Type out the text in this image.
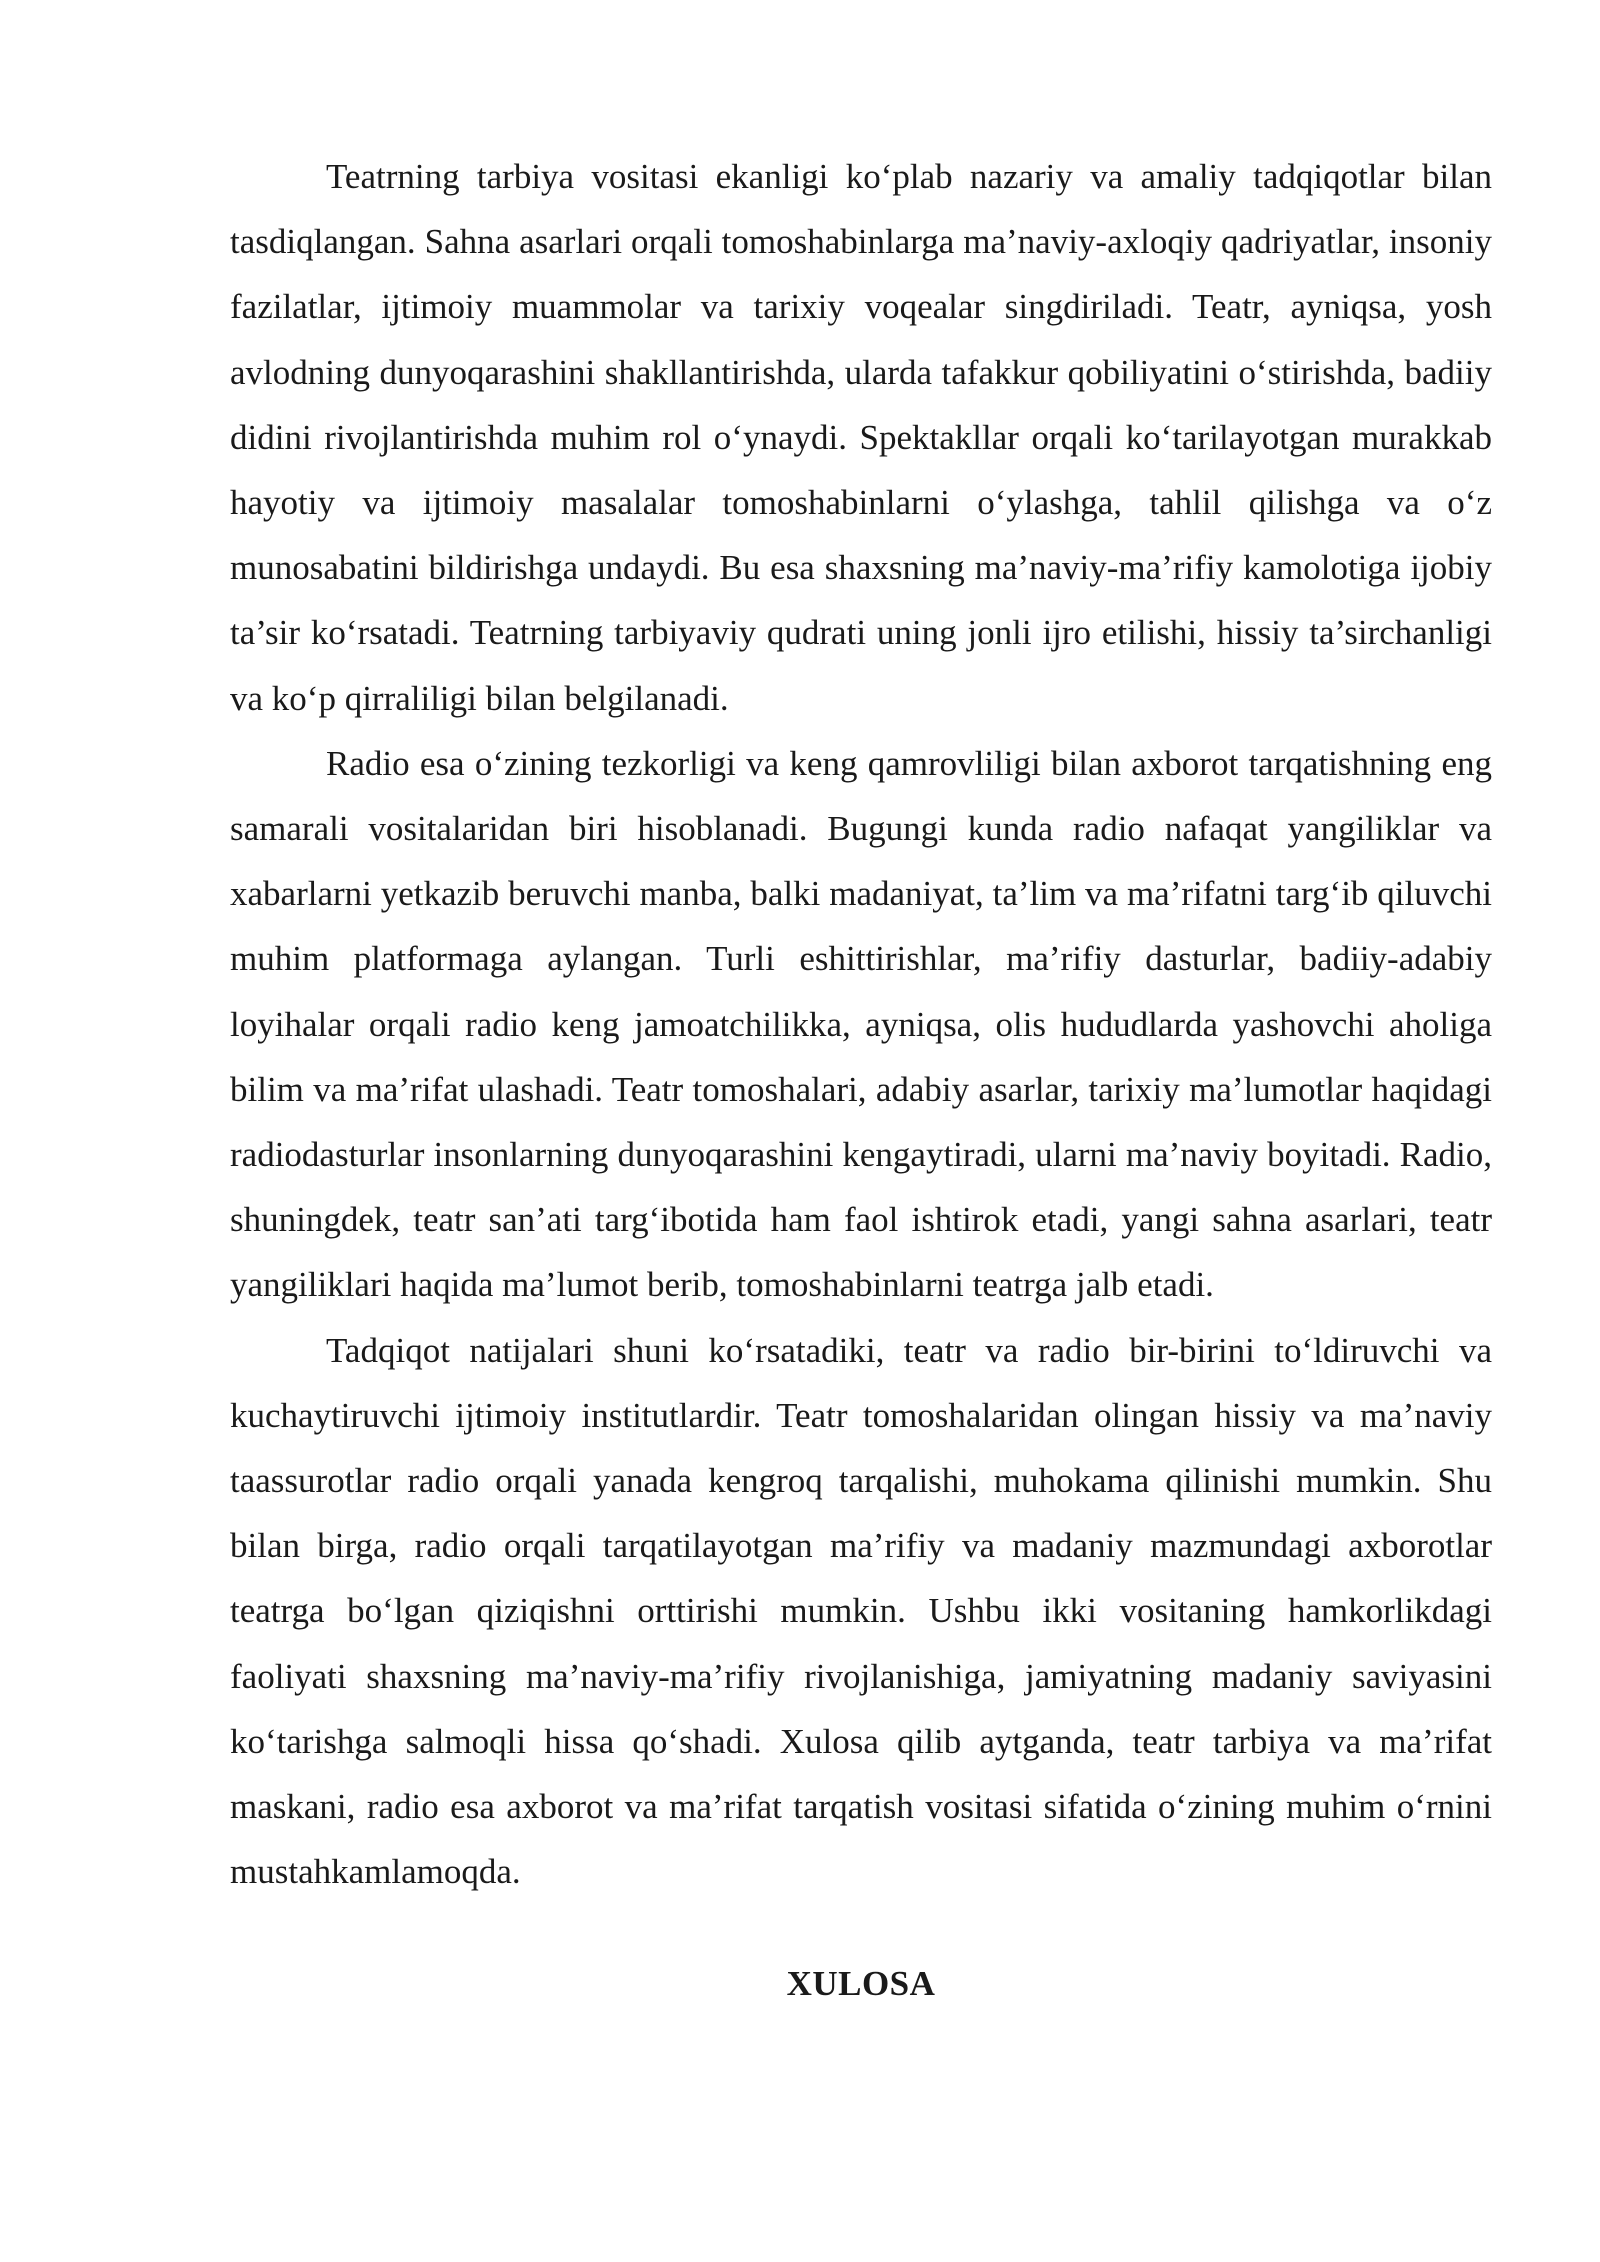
Teatrning tarbiya vositasi ekanligi ko‘plab nazariy va amaliy tadqiqotlar bilan tasdiqlangan. Sahna asarlari orqali tomoshabinlarga ma’naviy-axloqiy qadriyatlar, insoniy fazilatlar, ijtimoiy muammolar va tarixiy voqealar singdiriladi. Teatr, ayniqsa, yosh avlodning dunyoqarashini shakllantirishda, ularda tafakkur qobiliyatini o‘stirishda, badiiy didini rivojlantirishda muhim rol o‘ynaydi. Spektakllar orqali ko‘tarilayotgan murakkab hayotiy va ijtimoiy masalalar tomoshabinlarni o‘ylashga, tahlil qilishga va o‘z munosabatini bildirishga undaydi. Bu esa shaxsning ma’naviy-ma’rifiy kamolotiga ijobiy ta’sir ko‘rsatadi. Teatrning tarbiyaviy qudrati uning jonli ijro etilishi, hissiy ta’sirchanligi va ko‘p qirraliligi bilan belgilanadi.

Radio esa o‘zining tezkorligi va keng qamrovliligi bilan axborot tarqatishning eng samarali vositalaridan biri hisoblanadi. Bugungi kunda radio nafaqat yangiliklar va xabarlarni yetkazib beruvchi manba, balki madaniyat, ta’lim va ma’rifatni targ‘ib qiluvchi muhim platformaga aylangan. Turli eshittirishlar, ma’rifiy dasturlar, badiiy-adabiy loyihalar orqali radio keng jamoatchilikka, ayniqsa, olis hududlarda yashovchi aholiga bilim va ma’rifat ulashadi. Teatr tomoshalari, adabiy asarlar, tarixiy ma’lumotlar haqidagi radiodasturlar insonlarning dunyoqarashini kengaytiradi, ularni ma’naviy boyitadi. Radio, shuningdek, teatr san’ati targ‘ibotida ham faol ishtirok etadi, yangi sahna asarlari, teatr yangiliklari haqida ma’lumot berib, tomoshabinlarni teatrga jalb etadi.

Tadqiqot natijalari shuni ko‘rsatadiki, teatr va radio bir-birini to‘ldiruvchi va kuchaytiruvchi ijtimoiy institutlardir. Teatr tomoshalaridan olingan hissiy va ma’naviy taassurotlar radio orqali yanada kengroq tarqalishi, muhokama qilinishi mumkin. Shu bilan birga, radio orqali tarqatilayotgan ma’rifiy va madaniy mazmundagi axborotlar teatrga bo‘lgan qiziqishni orttirishi mumkin. Ushbu ikki vositaning hamkorlikdagi faoliyati shaxsning ma’naviy-ma’rifiy rivojlanishiga, jamiyatning madaniy saviyasini ko‘tarishga salmoqli hissa qo‘shadi. Xulosa qilib aytganda, teatr tarbiya va ma’rifat maskani, radio esa axborot va ma’rifat tarqatish vositasi sifatida o‘zining muhim o‘rnini mustahkamlamoqda.

XULOSA
